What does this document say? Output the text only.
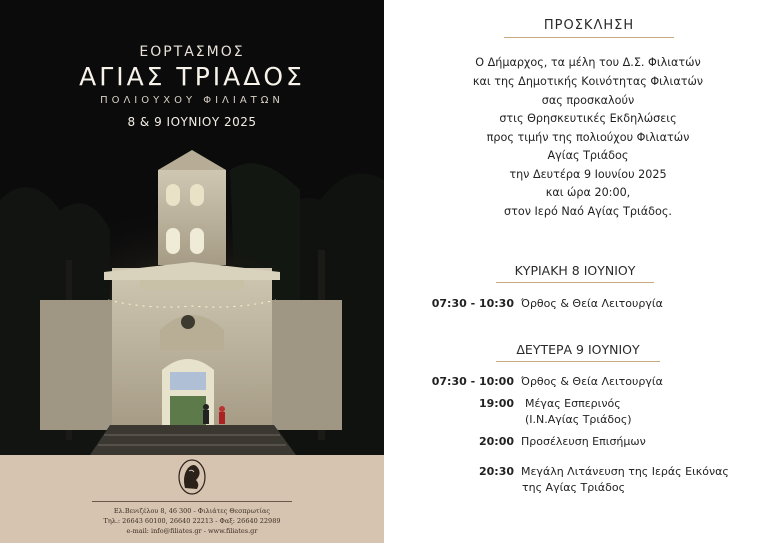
ΕΟΡΤΑΣΜΟΣ
ΑΓΙΑΣ ΤΡΙΑΔΟΣ
ΠΟΛΙΟΥΧΟΥ ΦΙΛΙΑΤΩΝ
8 & 9 ΙΟΥΝΙΟΥ 2025
Ελ.Βενιζέλου 8, 46 300 - Φιλιάτες Θεσπρωτίας
Τηλ.: 26643 60100, 26640 22213 - Φαξ: 26640 22989
e-mail: info@filiates.gr - www.filiates.gr
ΠΡΟΣΚΛΗΣΗ
Ο Δήμαρχος, τα μέλη του Δ.Σ. Φιλιατών
και της Δημοτικής Κοινότητας Φιλιατών
σας προσκαλούν
στις Θρησκευτικές Εκδηλώσεις
προς τιμήν της πολιούχου Φιλιατών
Αγίας Τριάδος
την Δευτέρα 9 Ιουνίου 2025
και ώρα 20:00,
στον Ιερό Ναό Αγίας Τριάδος.
ΚΥΡΙΑΚΗ 8 ΙΟΥΝΙΟΥ
07:30 - 10:30 Όρθος & Θεία Λειτουργία
ΔΕΥΤΕΡΑ 9 ΙΟΥΝΙΟΥ
07:30 - 10:00 Όρθος & Θεία Λειτουργία
19:00 Μέγας Εσπερινός
(Ι.Ν.Αγίας Τριάδος)
20:00 Προσέλευση Επισήμων
20:30 Μεγάλη Λιτάνευση της Ιεράς Εικόνας
της Αγίας Τριάδος
